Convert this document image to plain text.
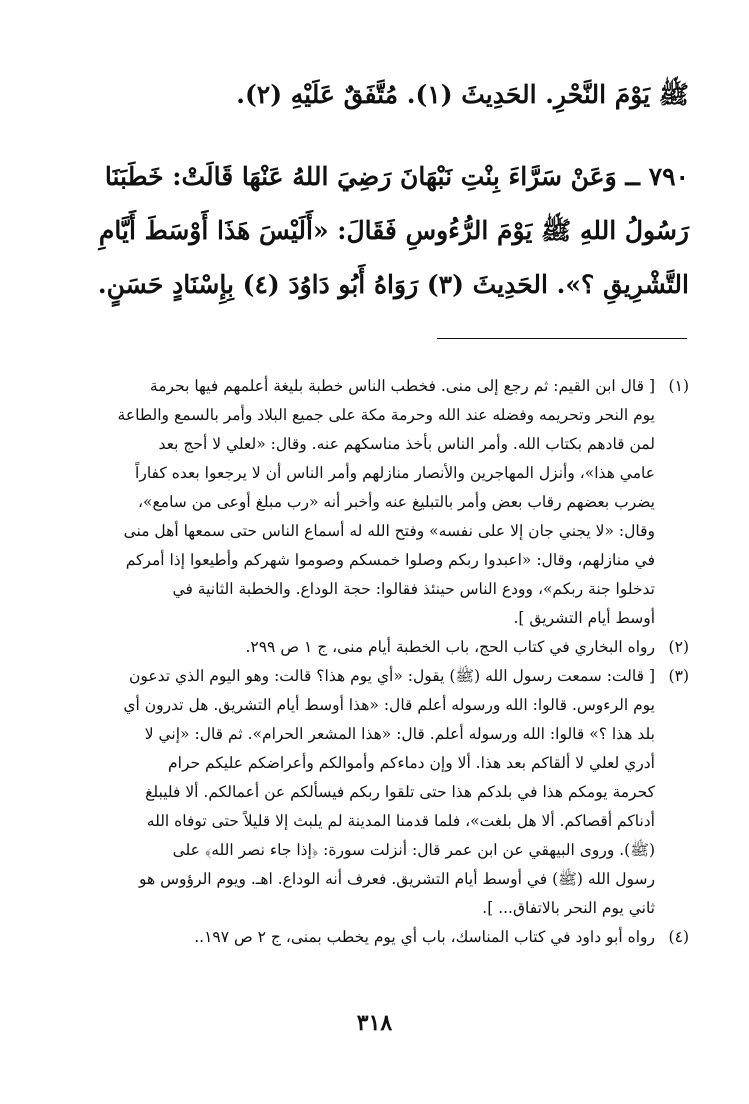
ﷺ يَوْمَ النَّحْرِ. الحَدِيثَ (١). مُتَّفَقٌ عَلَيْهِ (٢).

٧٩٠ ــ وَعَنْ سَرَّاءَ بِنْتِ نَبْهَانَ رَضِيَ اللهُ عَنْهَا قَالَتْ: خَطَبَنَا

رَسُولُ اللهِ ﷺ يَوْمَ الرُّءُوسِ فَقَالَ: «أَلَيْسَ هَذَا أَوْسَطَ أَيَّامِ

التَّشْرِيقِ ؟». الحَدِيثَ (٣) رَوَاهُ أَبُو دَاوُدَ (٤) بِإِسْنَادٍ حَسَنٍ.

(١)

[ قال ابن القيم: ثم رجع إلى منى. فخطب الناس خطبة بليغة أعلمهم فيها بحرمة

يوم النحر وتحريمه وفضله عند الله وحرمة مكة على جميع البلاد وأمر بالسمع والطاعة

لمن قادهم بكتاب الله. وأمر الناس بأخذ مناسكهم عنه. وقال: «لعلي لا أحج بعد

عامي هذا»، وأنزل المهاجرين والأنصار منازلهم وأمر الناس أن لا يرجعوا بعده كفاراً

يضرب بعضهم رقاب بعض وأمر بالتبليغ عنه وأخبر أنه «رب مبلغ أوعى من سامع»،

وقال: «لا يجني جان إلا على نفسه» وفتح الله له أسماع الناس حتى سمعها أهل منى

في منازلهم، وقال: «اعبدوا ربكم وصلوا خمسكم وصوموا شهركم وأطيعوا إذا أمركم

تدخلوا جنة ربكم»، وودع الناس حينئذ فقالوا: حجة الوداع. والخطبة الثانية في

أوسط أيام التشريق ].

(٢)

رواه البخاري في كتاب الحج، باب الخطبة أيام منى، ج ١ ص ٢٩٩.

(٣)

[ قالت: سمعت رسول الله (ﷺ) يقول: «أي يوم هذا؟ قالت: وهو اليوم الذي تدعون

يوم الرءوس. قالوا: الله ورسوله أعلم قال: «هذا أوسط أيام التشريق. هل تدرون أي

بلد هذا ؟» قالوا: الله ورسوله أعلم. قال: «هذا المشعر الحرام». ثم قال: «إني لا

أدري لعلي لا ألقاكم بعد هذا. ألا وإن دماءكم وأموالكم وأعراضكم عليكم حرام

كحرمة يومكم هذا في بلدكم هذا حتى تلقوا ربكم فيسألكم عن أعمالكم. ألا فليبلغ

أدناكم أقصاكم. ألا هل بلغت»، فلما قدمنا المدينة لم يلبث إلا قليلاً حتى توفاه الله

(ﷺ). وروى البيهقي عن ابن عمر قال: أنزلت سورة: ﴿إذا جاء نصر الله﴾ على

رسول الله (ﷺ) في أوسط أيام التشريق. فعرف أنه الوداع. اهـ. ويوم الرؤوس هو

ثاني يوم النحر بالاتفاق... ].

(٤)

رواه أبو داود في كتاب المناسك، باب أي يوم يخطب بمنى، ج ٢ ص ١٩٧..

٣١٨
